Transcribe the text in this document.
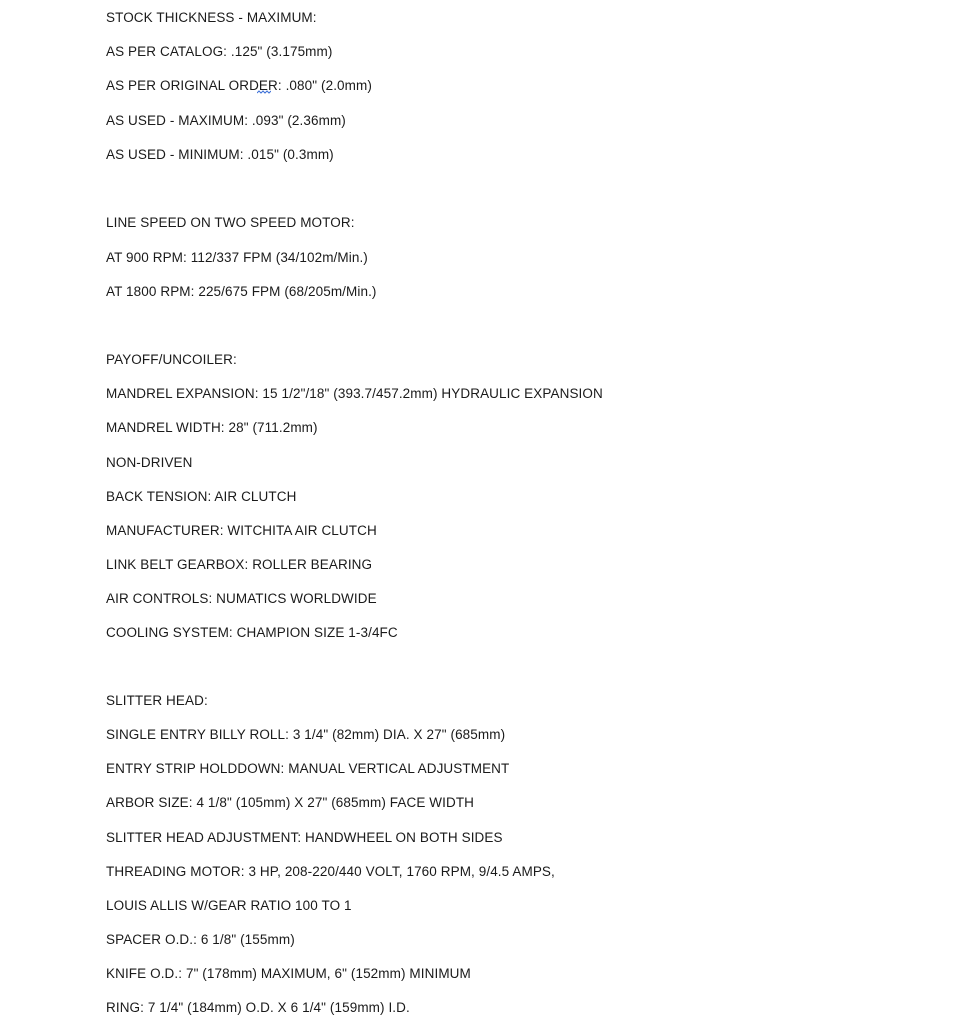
STOCK THICKNESS - MAXIMUM:
AS PER CATALOG: .125" (3.175mm)
AS PER ORIGINAL ORDER: .080" (2.0mm)
AS USED - MAXIMUM: .093" (2.36mm)
AS USED - MINIMUM: .015" (0.3mm)
LINE SPEED ON TWO SPEED MOTOR:
AT 900 RPM: 112/337 FPM (34/102m/Min.)
AT 1800 RPM: 225/675 FPM (68/205m/Min.)
PAYOFF/UNCOILER:
MANDREL EXPANSION: 15 1/2"/18" (393.7/457.2mm) HYDRAULIC EXPANSION
MANDREL WIDTH: 28" (711.2mm)
NON-DRIVEN
BACK TENSION: AIR CLUTCH
MANUFACTURER: WITCHITA AIR CLUTCH
LINK BELT GEARBOX: ROLLER BEARING
AIR CONTROLS: NUMATICS WORLDWIDE
COOLING SYSTEM: CHAMPION SIZE 1-3/4FC
SLITTER HEAD:
SINGLE ENTRY BILLY ROLL: 3 1/4" (82mm) DIA. X 27" (685mm)
ENTRY STRIP HOLDDOWN: MANUAL VERTICAL ADJUSTMENT
ARBOR SIZE: 4 1/8" (105mm) X 27" (685mm) FACE WIDTH
SLITTER HEAD ADJUSTMENT: HANDWHEEL ON BOTH SIDES
THREADING MOTOR: 3 HP, 208-220/440 VOLT, 1760 RPM, 9/4.5 AMPS,
LOUIS ALLIS W/GEAR RATIO 100 TO 1
SPACER O.D.: 6 1/8" (155mm)
KNIFE O.D.: 7" (178mm) MAXIMUM, 6" (152mm) MINIMUM
RING: 7 1/4" (184mm) O.D. X 6 1/4" (159mm) I.D.
